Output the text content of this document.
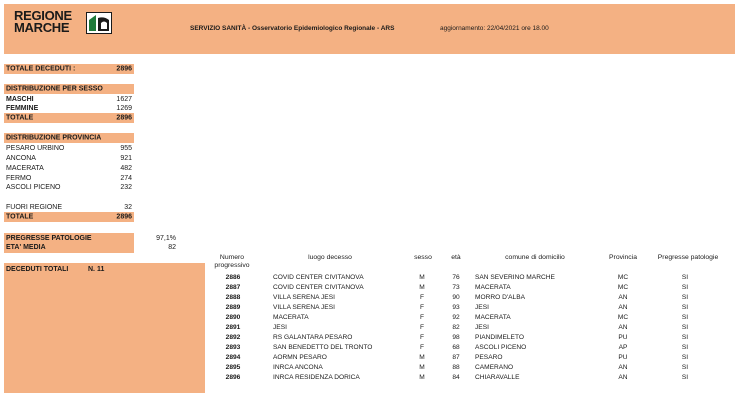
REGIONE
MARCHE	SERVIZIO SANITÀ - Osservatorio Epidemiologico Regionale - ARS	aggiornamento: 22/04/2021 ore 18.00
TOTALE DECEDUTI :	2896
DISTRIBUZIONE PER SESSO
MASCHI	1627
FEMMINE	1269
TOTALE	2896
DISTRIBUZIONE PROVINCIA
PESARO URBINO	955
ANCONA	921
MACERATA	482
FERMO	274
ASCOLI PICENO	232
FUORI REGIONE	32
TOTALE	2896
PREGRESSE PATOLOGIE	97,1%
ETA' MEDIA	82
DECEDUTI TOTALI	N. 11
Numero progressivo
luogo decesso	sesso	età	comune di domicilio	Provincia	Pregresse patologie
2886	COVID CENTER CIVITANOVA	M	76	SAN SEVERINO MARCHE	MC	SI
2887	COVID CENTER CIVITANOVA	M	73	MACERATA	MC	SI
2888	VILLA SERENA JESI	F	90	MORRO D'ALBA	AN	SI
2889	VILLA SERENA JESI	F	93	JESI	AN	SI
2890	MACERATA	F	92	MACERATA	MC	SI
2891	JESI	F	82	JESI	AN	SI
2892	RS GALANTARA PESARO	F	98	PIANDIMELETO	PU	SI
2893	SAN BENEDETTO DEL TRONTO	F	68	ASCOLI PICENO	AP	SI
2894	AORMN PESARO	M	87	PESARO	PU	SI
2895	INRCA ANCONA	M	88	CAMERANO	AN	SI
2896	INRCA RESIDENZA DORICA	M	84	CHIARAVALLE	AN	SI
